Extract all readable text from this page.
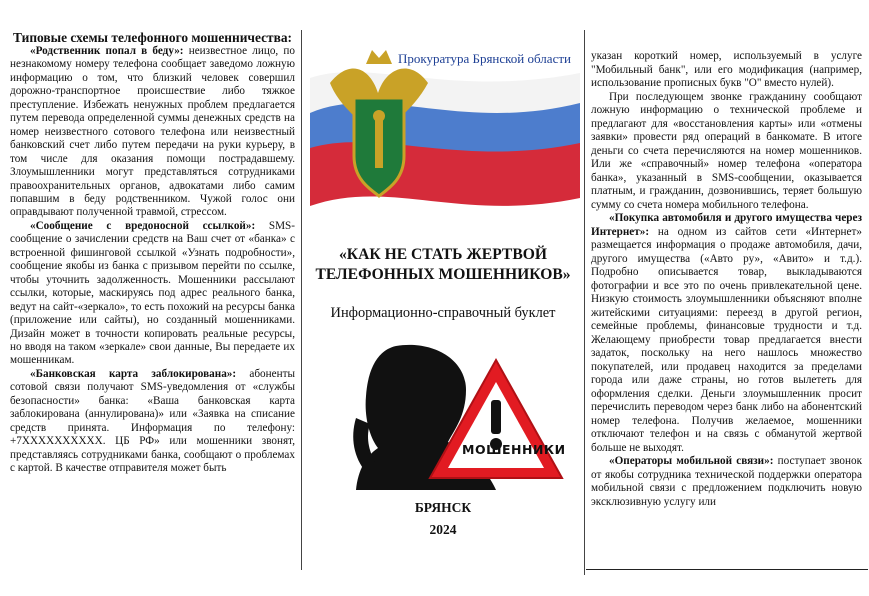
Типовые схемы телефонного мошенничества:

«Родственник попал в беду»: неизвестное лицо, по незнакомому номеру телефона сообщает заведомо ложную информацию о том, что близкий человек совершил дорожно-транспортное происшествие либо тяжкое преступление. Избежать ненужных проблем предлагается путем перевода определенной суммы денежных средств на номер неизвестного сотового телефона или неизвестный банковский счет либо путем передачи на руки курьеру, в том числе для оказания помощи пострадавшему. Злоумышленники могут представляться сотрудниками правоохранительных органов, адвокатами либо самим попавшим в беду родственником. Чужой голос они оправдывают полученной травмой, стрессом.

«Сообщение с вредоносной ссылкой»: SMS-сообщение о зачислении средств на Ваш счет от «банка» с встроенной фишинговой ссылкой «Узнать подробности», сообщение якобы из банка с призывом перейти по ссылке, чтобы уточнить задолженность. Мошенники рассылают ссылки, которые, маскируясь под адрес реального банка, ведут на сайт-«зеркало», то есть похожий на ресурсы банка (приложение или сайты), но созданный мошенниками. Дизайн может в точности копировать реальные ресурсы, но вводя на таком «зеркале» свои данные, Вы передаете их мошенникам.

«Банковская карта заблокирована»: абоненты сотовой связи получают SMS-уведомления от «службы безопасности» банка: «Ваша банковская карта заблокирована (аннулирована)» или «Заявка на списание средств принята. Информация по телефону: +7XXXXXXXXXX. ЦБ РФ» или мошенники звонят, представляясь сотрудниками банка, сообщают о проблемах с картой. В качестве отправителя может быть

Прокуратура Брянской области
«КАК НЕ СТАТЬ ЖЕРТВОЙ ТЕЛЕФОННЫХ МОШЕННИКОВ»
Информационно-справочный буклет
МОШЕННИКИ
БРЯНСК
2024

указан короткий номер, используемый в услуге "Мобильный банк", или его модификация (например, использование прописных букв "О" вместо нулей).

При последующем звонке гражданину сообщают ложную информацию о технической проблеме и предлагают для «восстановления карты» или «отмены заявки» провести ряд операций в банкомате. В итоге деньги со счета перечисляются на номер мошенников. Или же «справочный» номер телефона «оператора банка», указанный в SMS-сообщении, оказывается платным, и гражданин, дозвонившись, теряет большую сумму со счета номера мобильного телефона.

«Покупка автомобиля и другого имущества через Интернет»: на одном из сайтов сети «Интернет» размещается информация о продаже автомобиля, дачи, другого имущества («Авто ру», «Авито» и т.д.). Подробно описывается товар, выкладываются фотографии и все это по очень привлекательной цене. Низкую стоимость злоумышленники объясняют вполне житейскими ситуациями: переезд в другой регион, семейные проблемы, финансовые трудности и т.д. Желающему приобрести товар предлагается внести задаток, поскольку на него нашлось множество покупателей, или продавец находится за пределами города или даже страны, но готов вылететь для оформления сделки. Деньги злоумышленник просит перечислить переводом через банк либо на абонентский номер телефона. Получив желаемое, мошенники отключают телефон и на связь с обманутой жертвой больше не выходят.

«Операторы мобильной связи»: поступает звонок от якобы сотрудника технической поддержки оператора мобильной связи с предложением подключить новую эксклюзивную услугу или
